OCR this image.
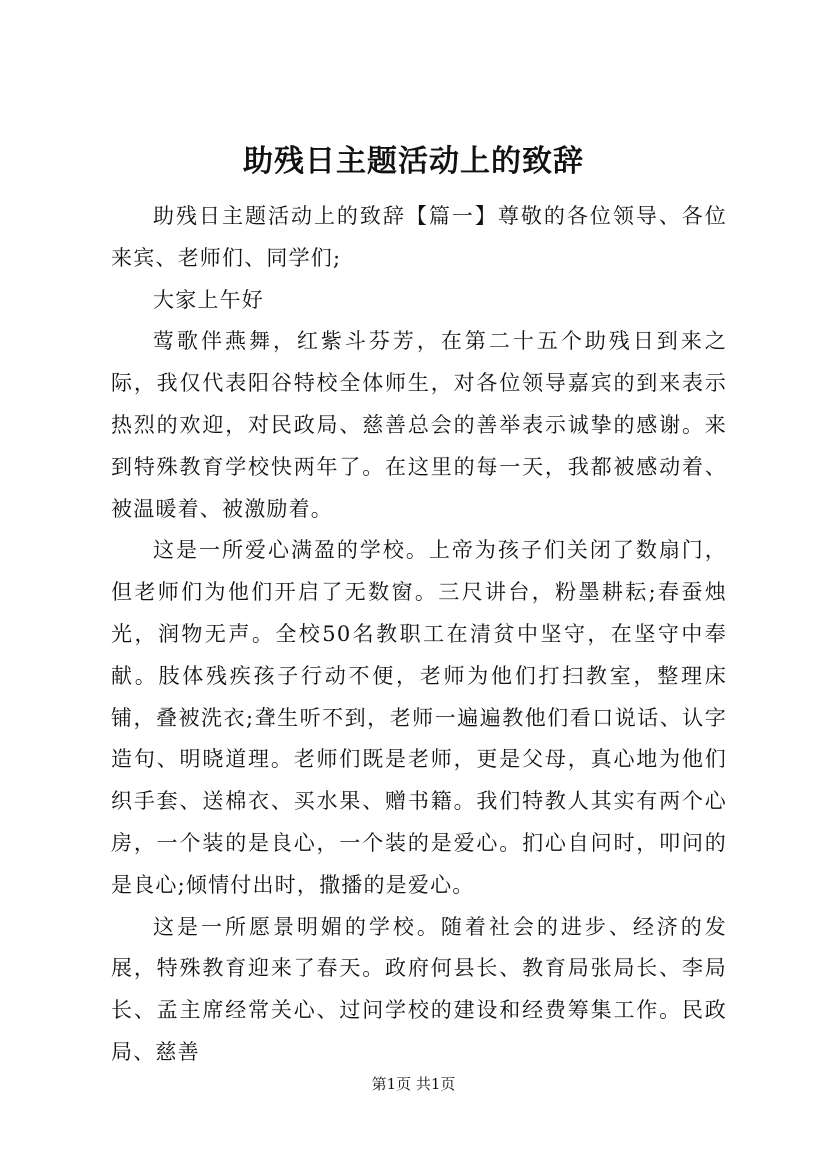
助残日主题活动上的致辞

助残日主题活动上的致辞【篇一】尊敬的各位领导、各位来宾、老师们、同学们;

大家上午好

莺歌伴燕舞，红紫斗芬芳，在第二十五个助残日到来之际，我仅代表阳谷特校全体师生，对各位领导嘉宾的到来表示热烈的欢迎，对民政局、慈善总会的善举表示诚挚的感谢。来到特殊教育学校快两年了。在这里的每一天，我都被感动着、被温暖着、被激励着。

这是一所爱心满盈的学校。上帝为孩子们关闭了数扇门，但老师们为他们开启了无数窗。三尺讲台，粉墨耕耘;春蚕烛光，润物无声。全校50名教职工在清贫中坚守，在坚守中奉献。肢体残疾孩子行动不便，老师为他们打扫教室，整理床铺，叠被洗衣;聋生听不到，老师一遍遍教他们看口说话、认字造句、明晓道理。老师们既是老师，更是父母，真心地为他们织手套、送棉衣、买水果、赠书籍。我们特教人其实有两个心房，一个装的是良心，一个装的是爱心。扪心自问时，叩问的是良心;倾情付出时，撒播的是爱心。

这是一所愿景明媚的学校。随着社会的进步、经济的发展，特殊教育迎来了春天。政府何县长、教育局张局长、李局长、孟主席经常关心、过问学校的建设和经费筹集工作。民政局、慈善

第1页 共1页
